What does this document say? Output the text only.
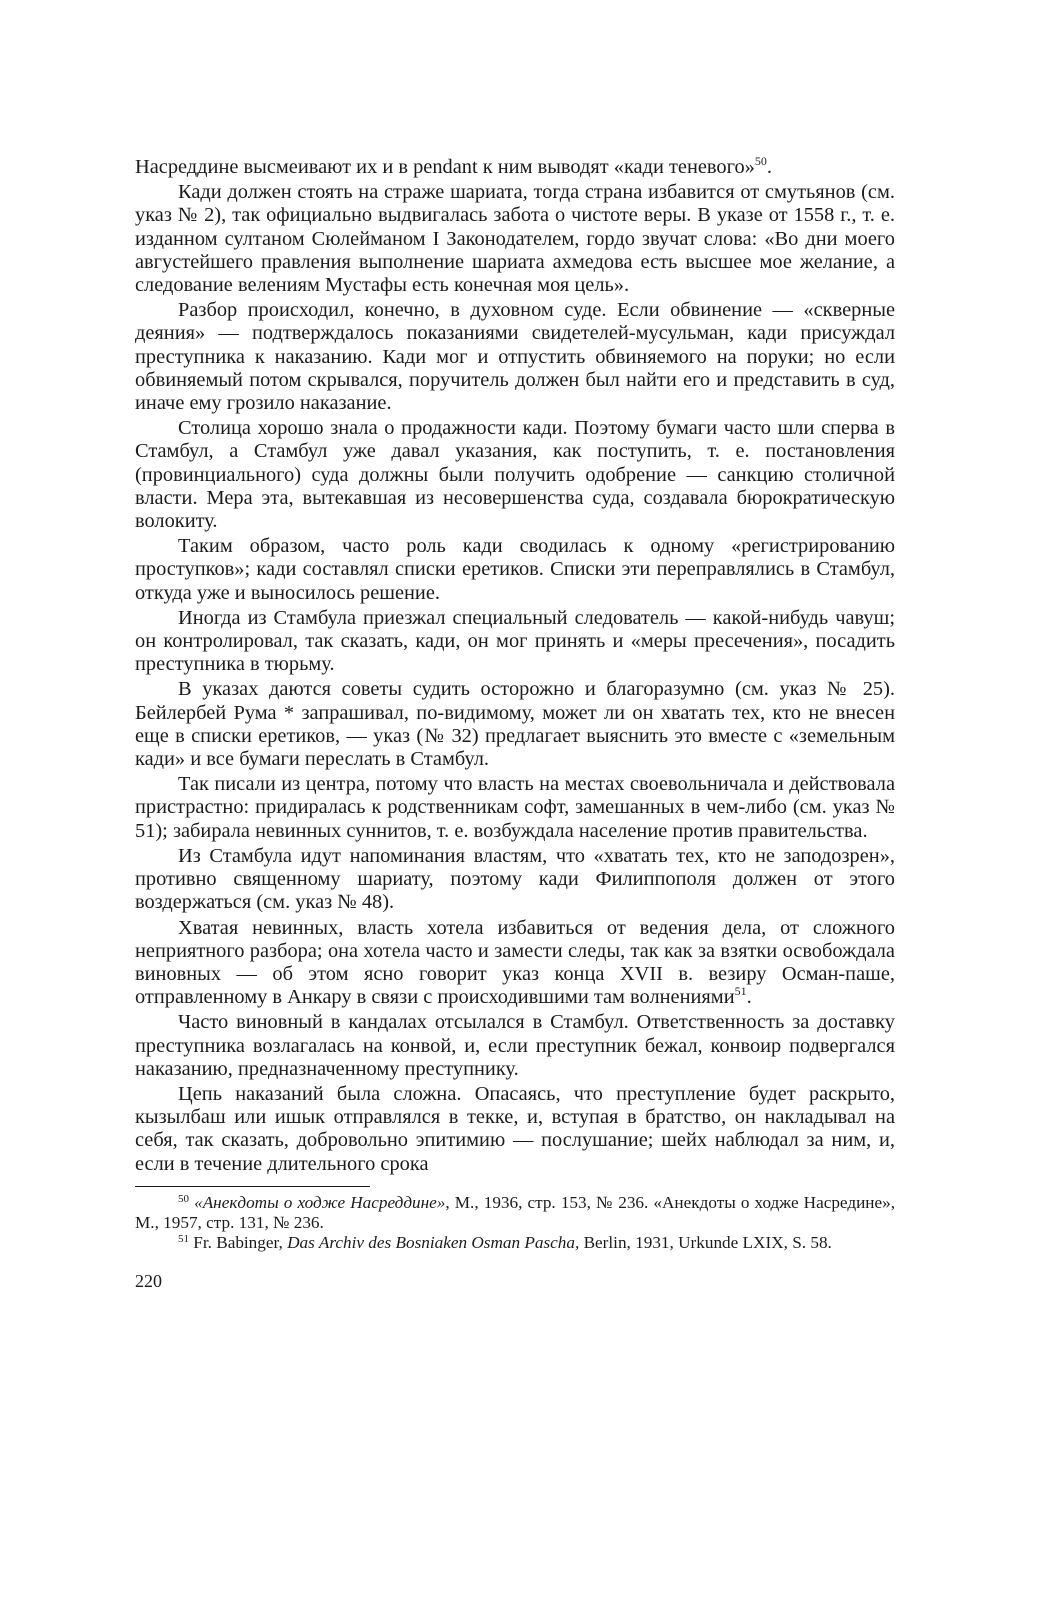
Насреддине высмеивают их и в pendant к ним выводят «кади теневого»$^{50}$.

Кади должен стоять на страже шариата, тогда страна избавится от смутьянов (см. указ № 2), так официально выдвигалась забота о чистоте веры. В указе от 1558 г., т. е. изданном султаном Сюлейманом I Законодателем, гордо звучат слова: «Во дни моего августейшего правления выполнение шариата ахмедова есть высшее мое желание, а следование велениям Мустафы есть конечная моя цель».

Разбор происходил, конечно, в духовном суде. Если обвинение — «скверные деяния» — подтверждалось показаниями свидетелей-мусульман, кади присуждал преступника к наказанию. Кади мог и отпустить обвиняемого на поруки; но если обвиняемый потом скрывался, поручитель должен был найти его и представить в суд, иначе ему грозило наказание.

Столица хорошо знала о продажности кади. Поэтому бумаги часто шли сперва в Стамбул, а Стамбул уже давал указания, как поступить, т. е. постановления (провинциального) суда должны были получить одобрение — санкцию столичной власти. Мера эта, вытекавшая из несовершенства суда, создавала бюрократическую волокиту.

Таким образом, часто роль кади сводилась к одному «регистрированию проступков»; кади составлял списки еретиков. Списки эти переправлялись в Стамбул, откуда уже и выносилось решение.

Иногда из Стамбула приезжал специальный следователь — какой-нибудь чавуш; он контролировал, так сказать, кади, он мог принять и «меры пресечения», посадить преступника в тюрьму.

В указах даются советы судить осторожно и благоразумно (см. указ № 25). Бейлербей Рума * запрашивал, по-видимому, может ли он хватать тех, кто не внесен еще в списки еретиков, — указ (№ 32) предлагает выяснить это вместе с «земельным кади» и все бумаги переслать в Стамбул.

Так писали из центра, потому что власть на местах своевольничала и действовала пристрастно: придиралась к родственникам софт, замешанных в чем-либо (см. указ № 51); забирала невинных суннитов, т. е. возбуждала население против правительства.

Из Стамбула идут напоминания властям, что «хватать тех, кто не заподозрен», противно священному шариату, поэтому кади Филиппополя должен от этого воздержаться (см. указ № 48).

Хватая невинных, власть хотела избавиться от ведения дела, от сложного неприятного разбора; она хотела часто и замести следы, так как за взятки освобождала виновных — об этом ясно говорит указ конца XVII в. везиру Осман-паше, отправленному в Анкару в связи с происходившими там волнениями$^{51}$.

Часто виновный в кандалах отсылался в Стамбул. Ответственность за доставку преступника возлагалась на конвой, и, если преступник бежал, конвоир подвергался наказанию, предназначенному преступнику.

Цепь наказаний была сложна. Опасаясь, что преступление будет раскрыто, кызылбаш или ишык отправлялся в текке, и, вступая в братство, он накладывал на себя, так сказать, добровольно эпитимию — послушание; шейх наблюдал за ним, и, если в течение длительного срока

$^{50}$ «Анекдоты о ходже Насреддине», М., 1936, стр. 153, № 236. «Анекдоты о ходже Насредине», М., 1957, стр. 131, № 236.

$^{51}$ Fr. Babinger, Das Archiv des Bosniaken Osman Pascha, Berlin, 1931, Urkunde LXIX, S. 58.

220
